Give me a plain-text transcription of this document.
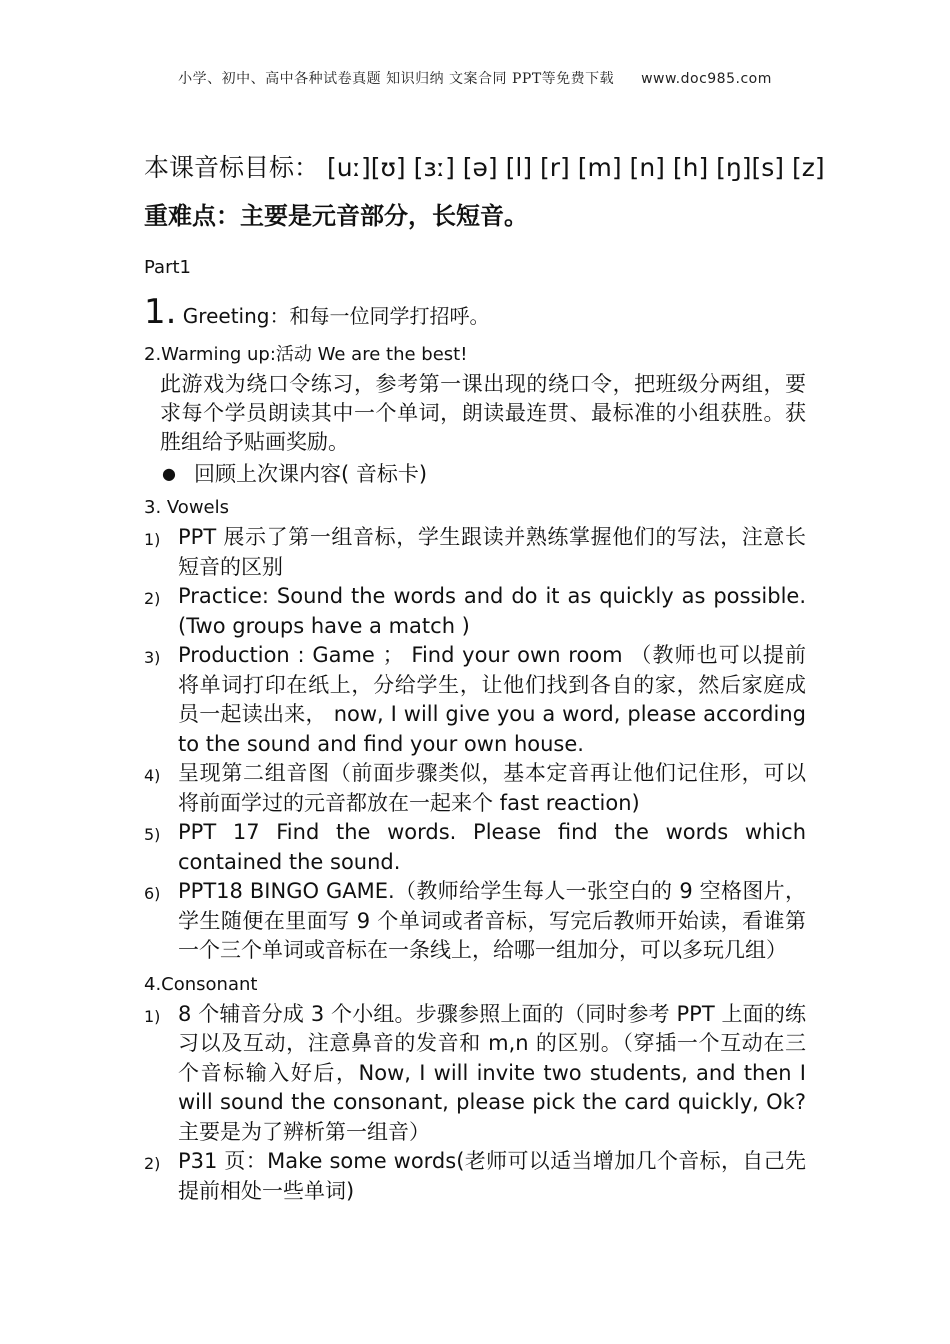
小学、初中、高中各种试卷真题 知识归纳 文案合同 PPT等免费下载 www.doc985.com

本课音标目标： [uː][ʊ] [ɜː] [ə] [l] [r] [m] [n] [h] [ŋ][s] [z]

重难点：主要是元音部分，长短音。

Part1

1. Greeting：和每一位同学打招呼。

2.Warming up:活动 We are the best!

此游戏为绕口令练习，参考第一课出现的绕口令，把班级分两组，要求每个学员朗读其中一个单词，朗读最连贯、最标准的小组获胜。获胜组给予贴画奖励。

● 回顾上次课内容( 音标卡)

3. Vowels

1) PPT 展示了第一组音标，学生跟读并熟练掌握他们的写法，注意长短音的区别
2) Practice: Sound the words and do it as quickly as possible. (Two groups have a match )
3) Production : Game ； Find your own room （教师也可以提前将单词打印在纸上，分给学生，让他们找到各自的家，然后家庭成员一起读出来， now, I will give you a word, please according to the sound and find your own house.
4) 呈现第二组音图（前面步骤类似，基本定音再让他们记住形，可以将前面学过的元音都放在一起来个 fast reaction)
5) PPT 17 Find the words. Please find the words which contained the sound.
6) PPT18 BINGO GAME.（教师给学生每人一张空白的 9 空格图片，学生随便在里面写 9 个单词或者音标，写完后教师开始读，看谁第一个三个单词或音标在一条线上，给哪一组加分，可以多玩几组）

4.Consonant

1) 8 个辅音分成 3 个小组。步骤参照上面的（同时参考 PPT 上面的练习以及互动，注意鼻音的发音和 m,n 的区别。（穿插一个互动在三个音标输入好后，Now, I will invite two students, and then I will sound the consonant, please pick the card quickly, Ok?主要是为了辨析第一组音）
2) P31 页：Make some words(老师可以适当增加几个音标，自己先提前相处一些单词)
